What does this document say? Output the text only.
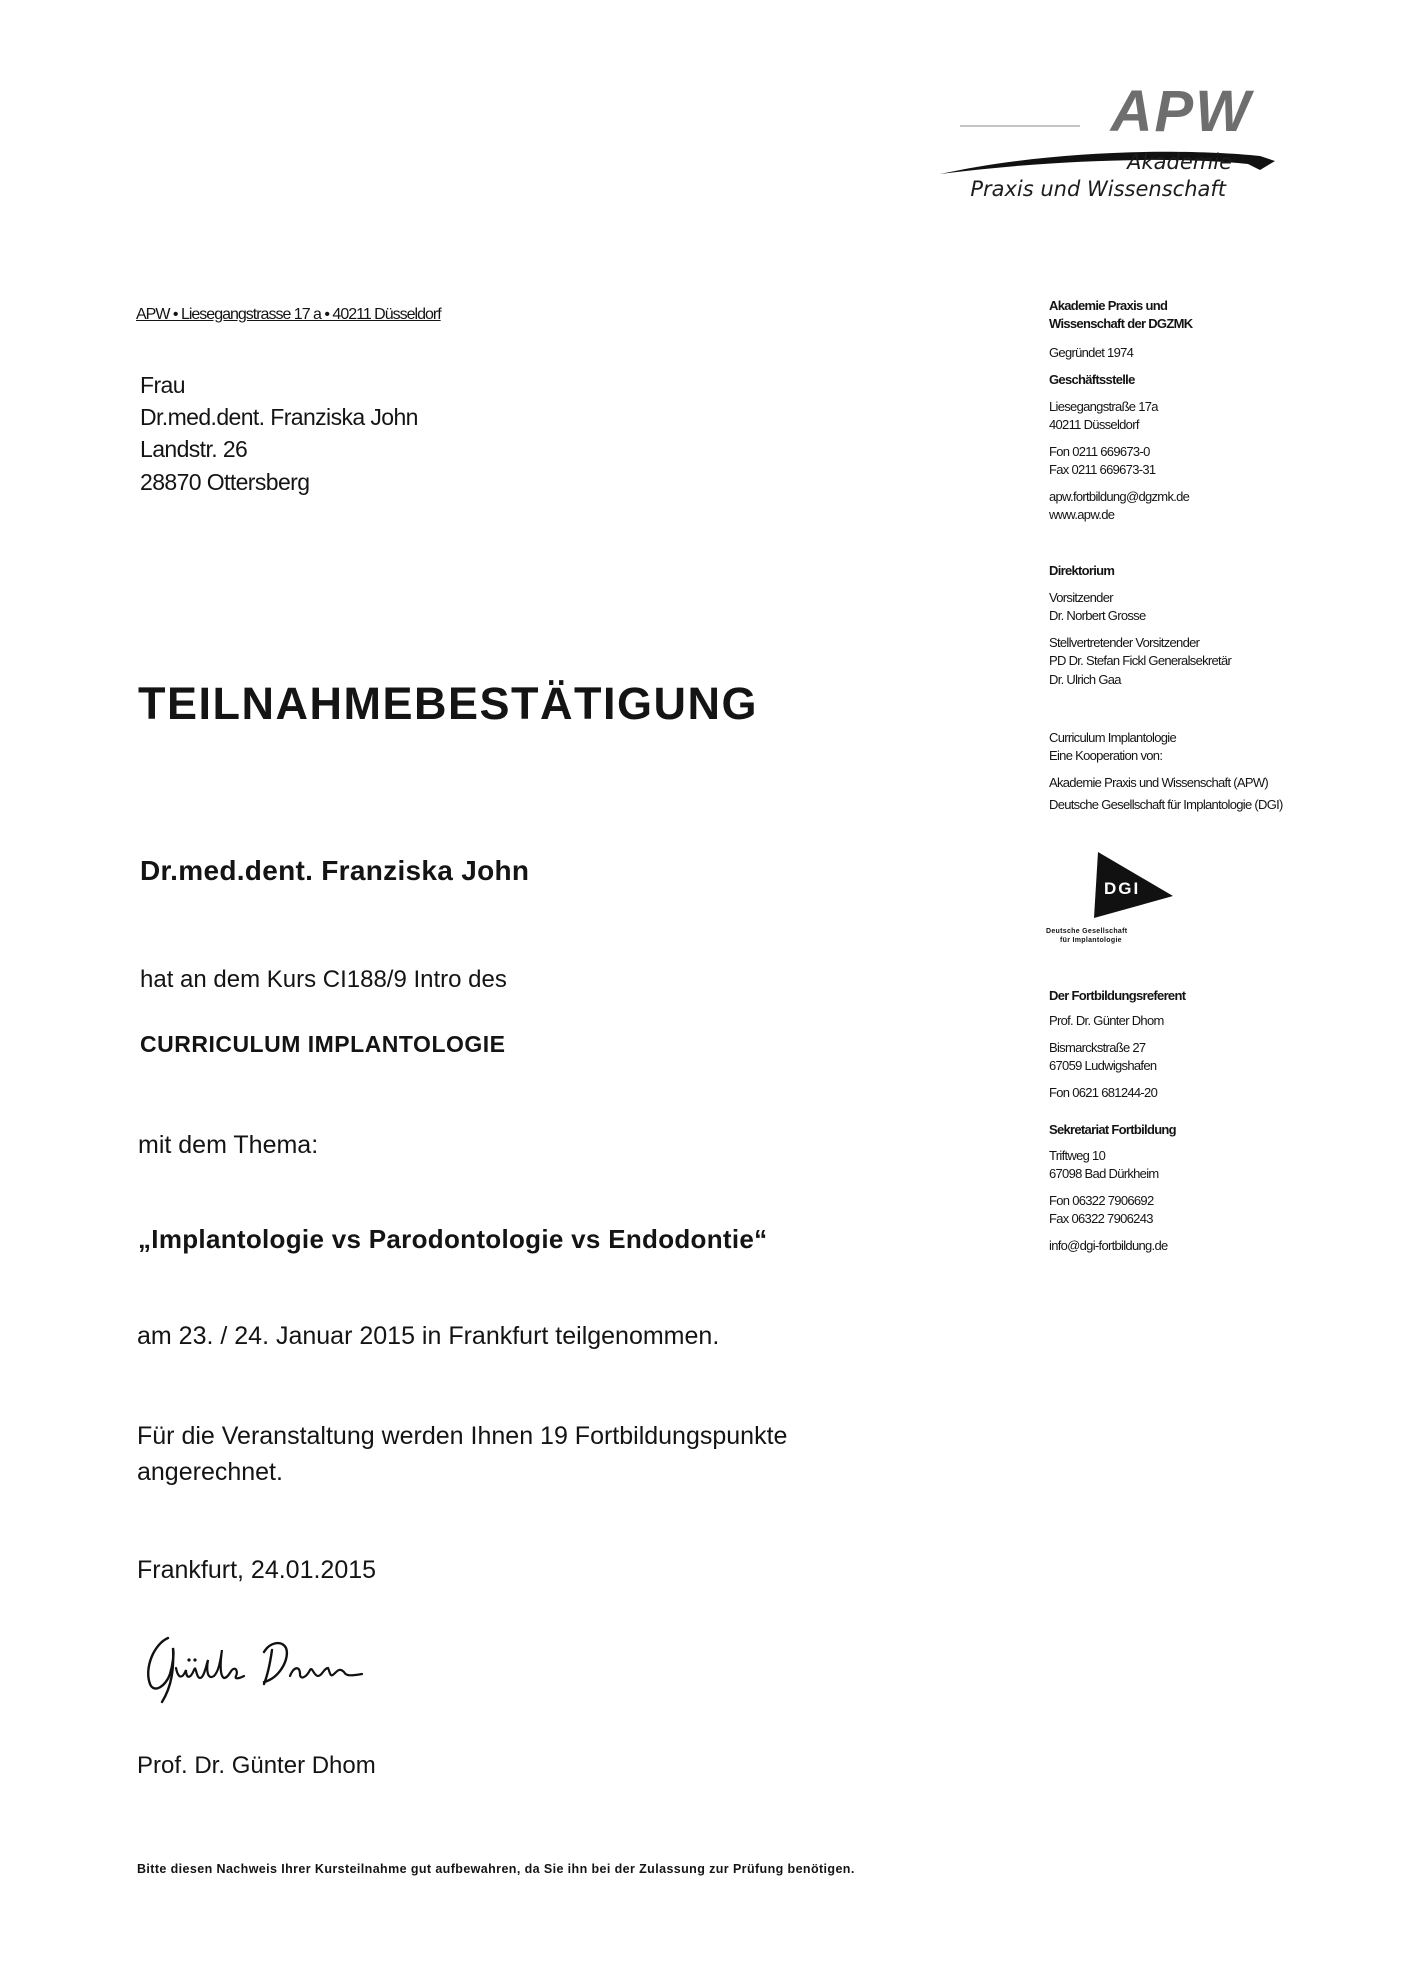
APW
Akademie
Praxis und Wissenschaft
APW • Liesegangstrasse 17 a • 40211 Düsseldorf
Frau
Dr.med.dent. Franziska John
Landstr. 26
28870 Ottersberg
TEILNAHMEBESTÄTIGUNG
Dr.med.dent. Franziska John
hat an dem Kurs CI188/9 Intro des
CURRICULUM IMPLANTOLOGIE
mit dem Thema:
„Implantologie vs Parodontologie vs Endodontie“
am 23. / 24. Januar 2015 in Frankfurt teilgenommen.
Für die Veranstaltung werden Ihnen 19 Fortbildungspunkte
angerechnet.
Frankfurt, 24.01.2015
Prof. Dr. Günter Dhom
Bitte diesen Nachweis Ihrer Kursteilnahme gut aufbewahren, da Sie ihn bei der Zulassung zur Prüfung benötigen.
Akademie Praxis und
Wissenschaft der DGZMK
Gegründet 1974
Geschäftsstelle
Liesegangstraße 17a
40211 Düsseldorf
Fon 0211 669673-0
Fax 0211 669673-31
apw.fortbildung@dgzmk.de
www.apw.de
Direktorium
Vorsitzender
Dr. Norbert Grosse
Stellvertretender Vorsitzender
PD Dr. Stefan Fickl Generalsekretär
Dr. Ulrich Gaa
Curriculum Implantologie
Eine Kooperation von:
Akademie Praxis und Wissenschaft (APW)
Deutsche Gesellschaft für Implantologie (DGI)
DGI
Deutsche Gesellschaft
für Implantologie
Der Fortbildungsreferent
Prof. Dr. Günter Dhom
Bismarckstraße 27
67059 Ludwigshafen
Fon 0621 681244-20
Sekretariat Fortbildung
Triftweg 10
67098 Bad Dürkheim
Fon 06322 7906692
Fax 06322 7906243
info@dgi-fortbildung.de
